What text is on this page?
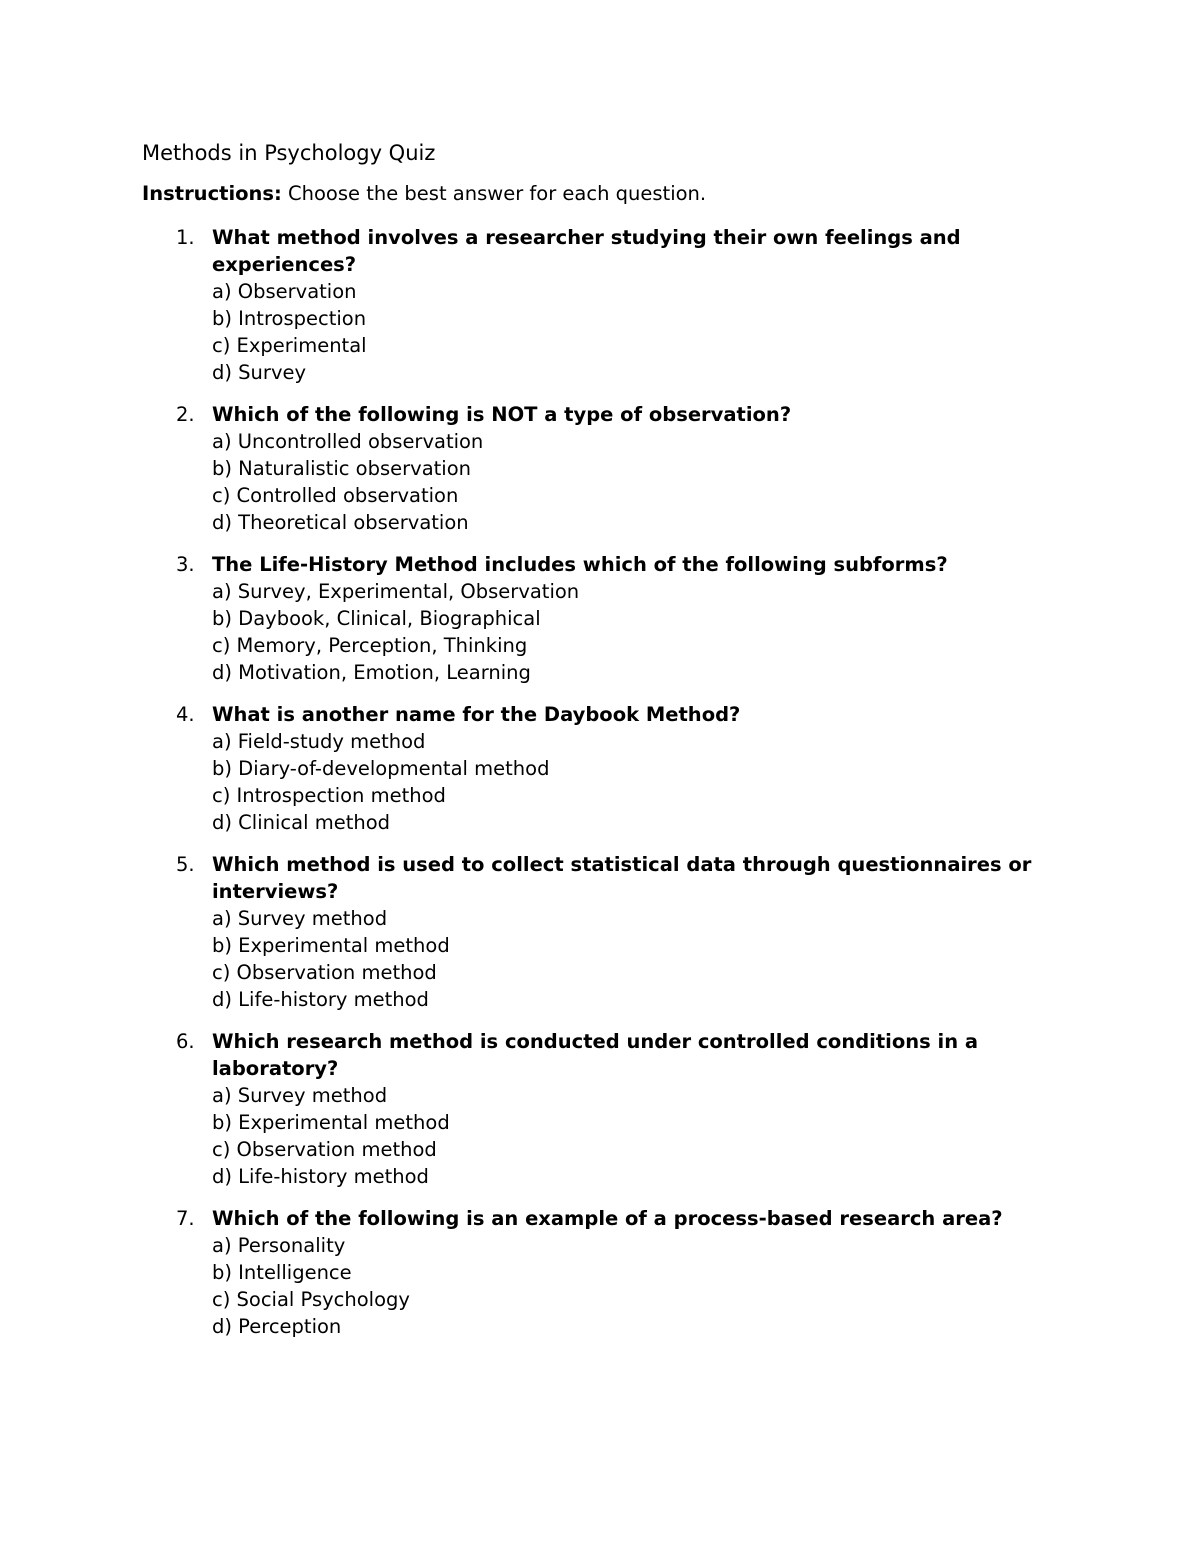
Methods in Psychology Quiz
Instructions: Choose the best answer for each question.
1. What method involves a researcher studying their own feelings and experiences?
a) Observation
b) Introspection
c) Experimental
d) Survey
2. Which of the following is NOT a type of observation?
a) Uncontrolled observation
b) Naturalistic observation
c) Controlled observation
d) Theoretical observation
3. The Life-History Method includes which of the following subforms?
a) Survey, Experimental, Observation
b) Daybook, Clinical, Biographical
c) Memory, Perception, Thinking
d) Motivation, Emotion, Learning
4. What is another name for the Daybook Method?
a) Field-study method
b) Diary-of-developmental method
c) Introspection method
d) Clinical method
5. Which method is used to collect statistical data through questionnaires or interviews?
a) Survey method
b) Experimental method
c) Observation method
d) Life-history method
6. Which research method is conducted under controlled conditions in a laboratory?
a) Survey method
b) Experimental method
c) Observation method
d) Life-history method
7. Which of the following is an example of a process-based research area?
a) Personality
b) Intelligence
c) Social Psychology
d) Perception
